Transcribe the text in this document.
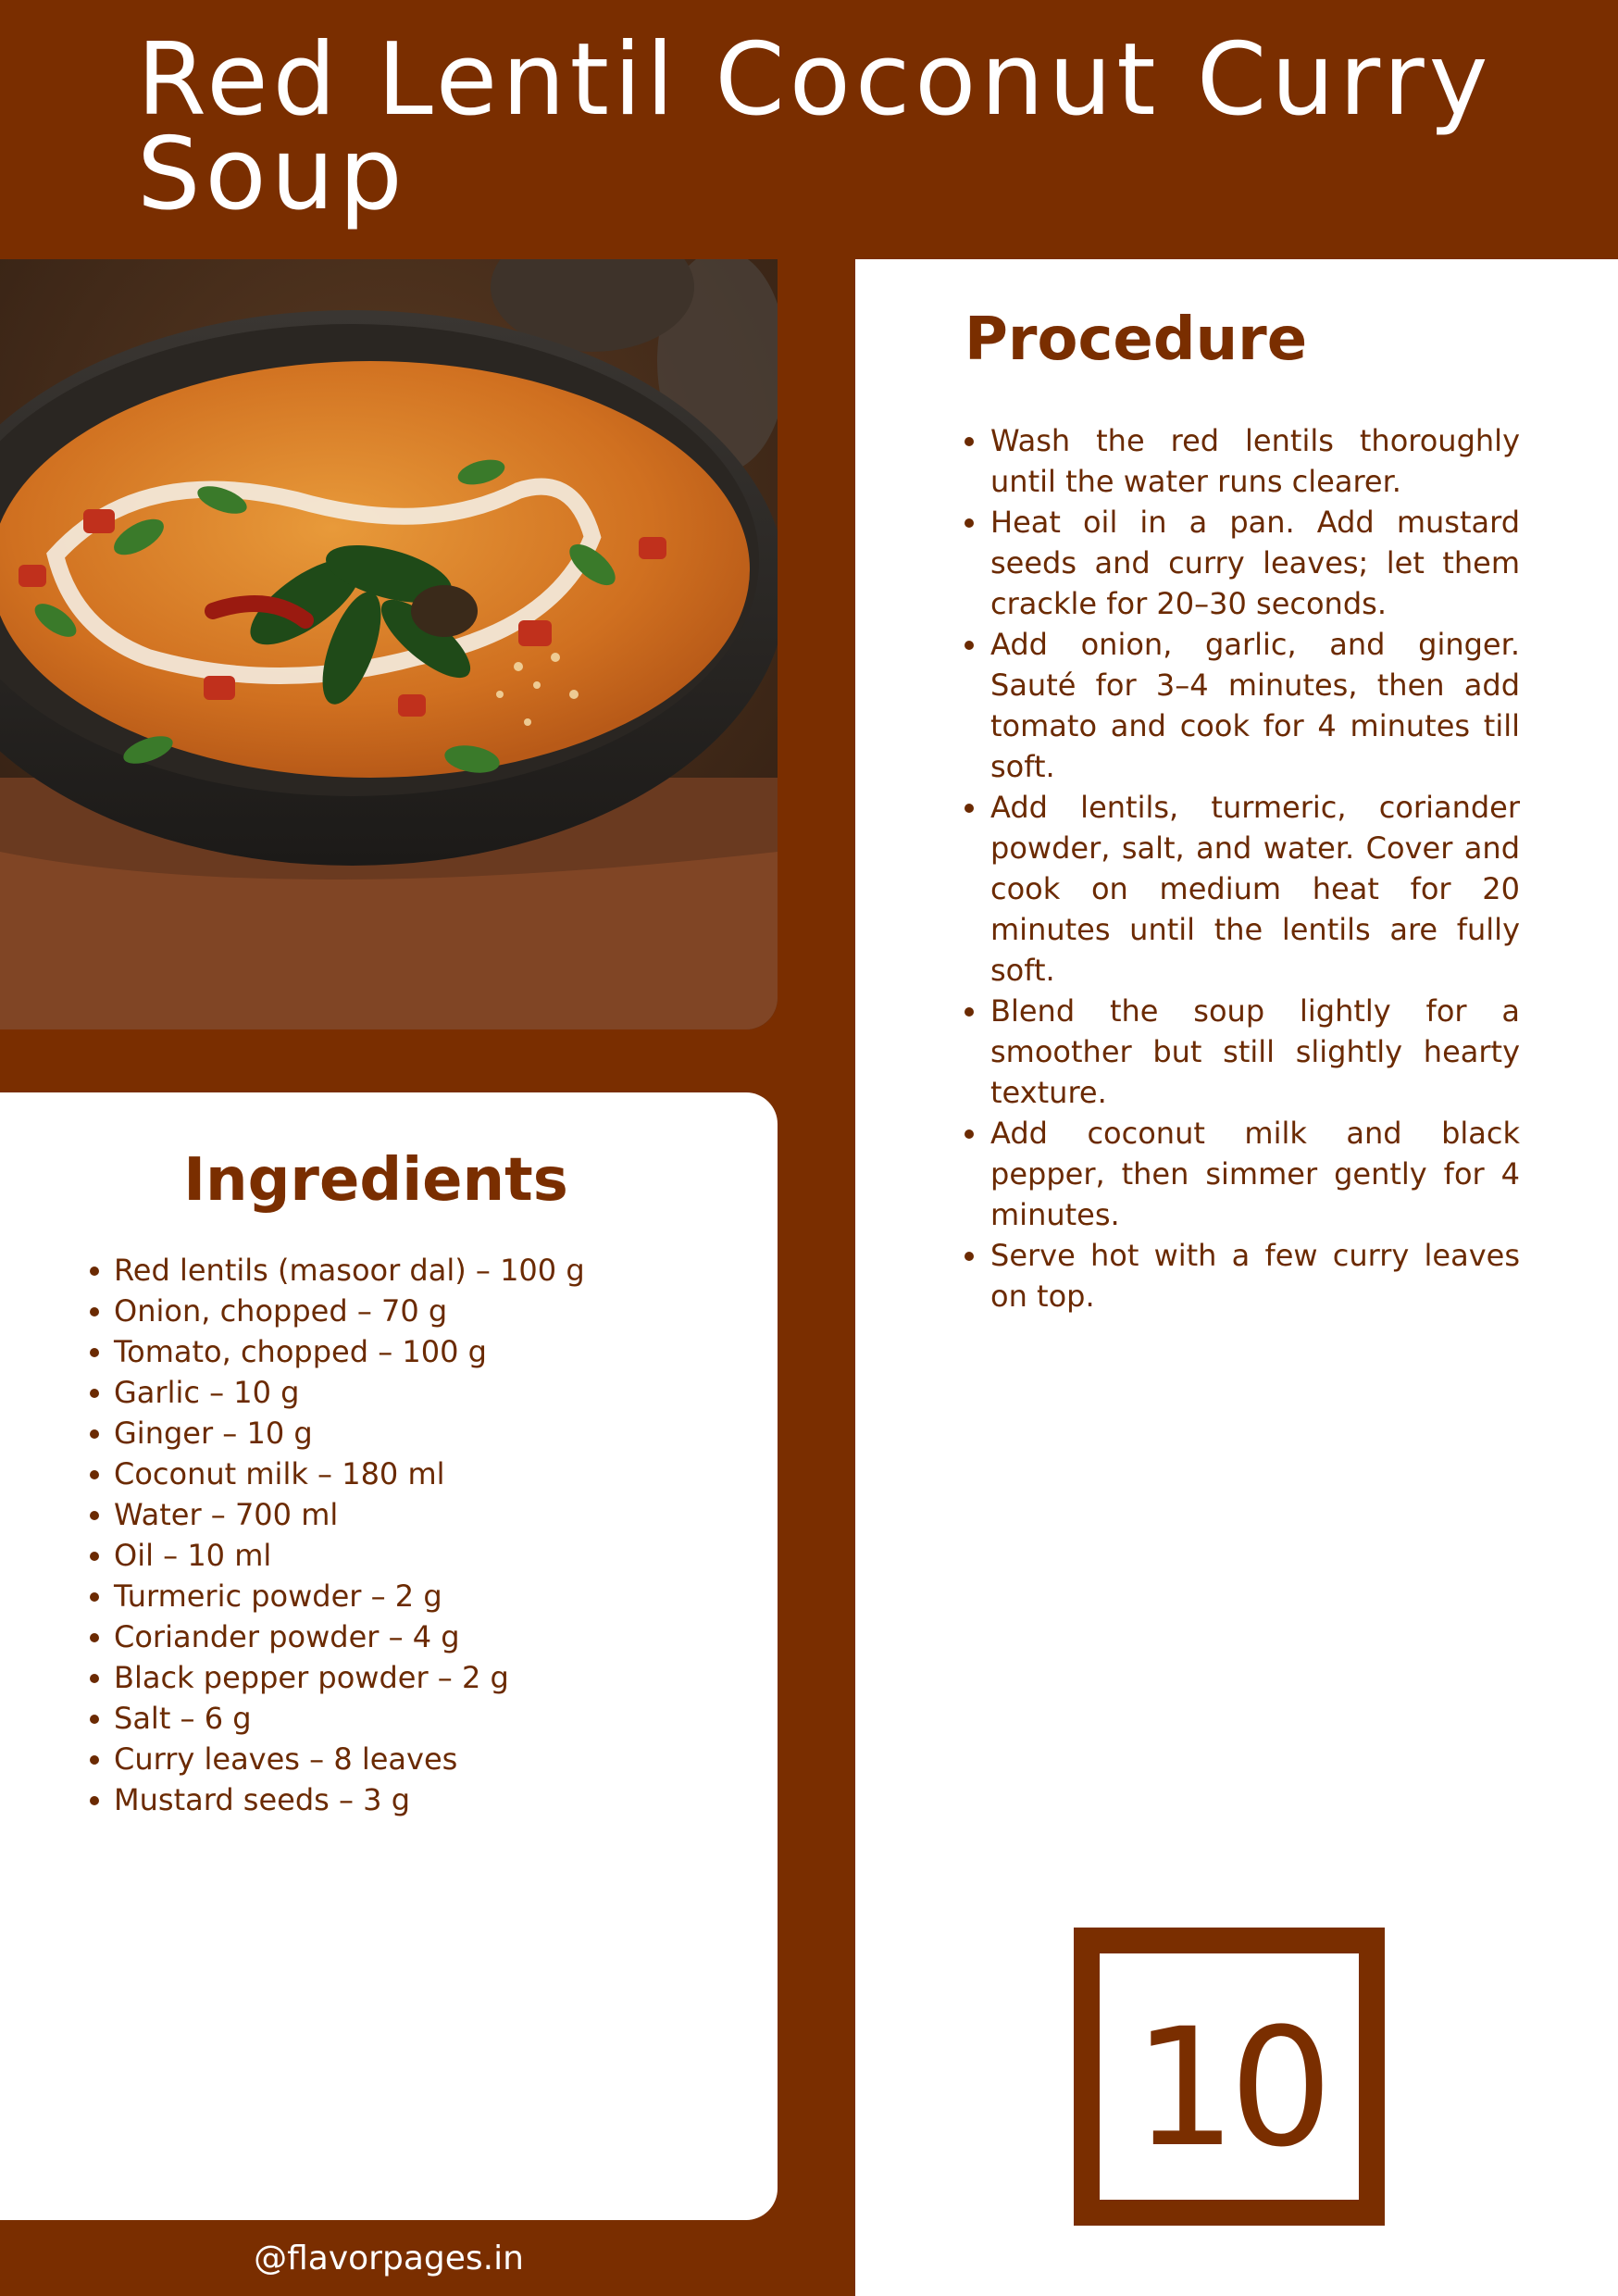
Red Lentil Coconut Curry Soup
Procedure
Wash the red lentils thoroughly until the water runs clearer.
Heat oil in a pan. Add mustard seeds and curry leaves; let them crackle for 20–30 seconds.
Add onion, garlic, and ginger. Sauté for 3–4 minutes, then add tomato and cook for 4 minutes till soft.
Add lentils, turmeric, coriander powder, salt, and water. Cover and cook on medium heat for 20 minutes until the lentils are fully soft.
Blend the soup lightly for a smoother but still slightly hearty texture.
Add coconut milk and black pepper, then simmer gently for 4 minutes.
Serve hot with a few curry leaves on top.
Ingredients
Red lentils (masoor dal) – 100 g
Onion, chopped – 70 g
Tomato, chopped – 100 g
Garlic – 10 g
Ginger – 10 g
Coconut milk – 180 ml
Water – 700 ml
Oil – 10 ml
Turmeric powder – 2 g
Coriander powder – 4 g
Black pepper powder – 2 g
Salt – 6 g
Curry leaves – 8 leaves
Mustard seeds – 3 g
10
@flavorpages.in
